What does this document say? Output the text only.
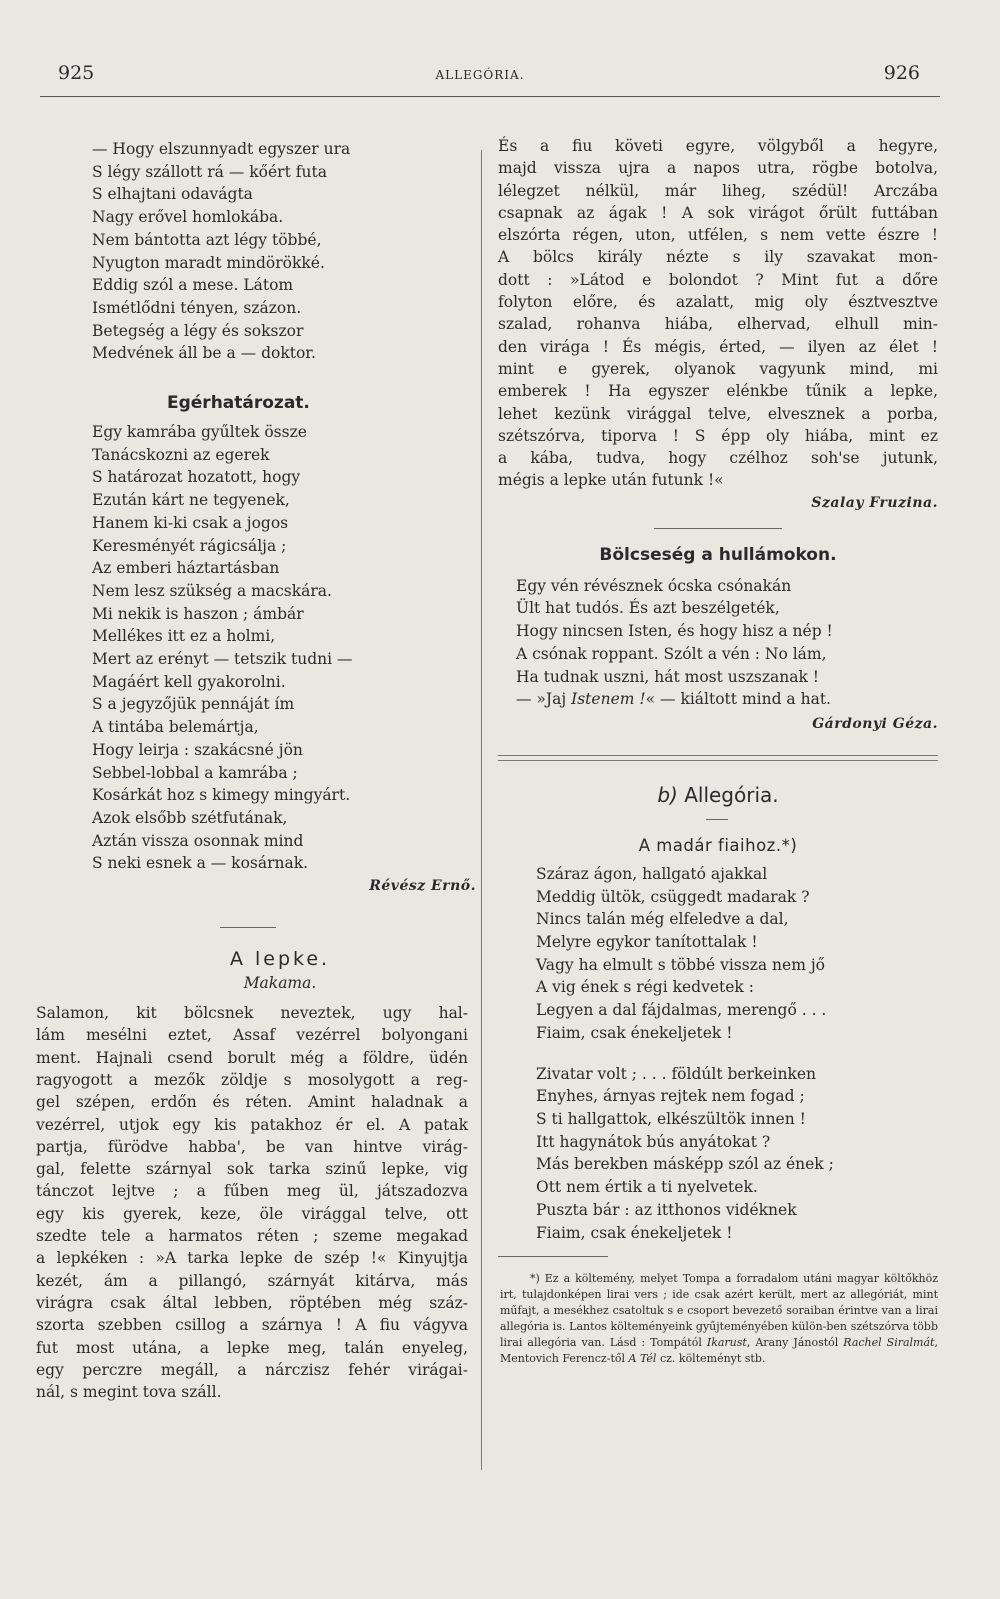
925	ALLEGÓRIA.	926
— Hogy elszunnyadt egyszer ura
S légy szállott rá — kőért futa
S elhajtani odavágta
Nagy erővel homlokába.
Nem bántotta azt légy többé,
Nyugton maradt mindörökké.
Eddig szól a mese. Látom
Ismétlődni tényen, százon.
Betegség a légy és sokszor
Medvének áll be a — doktor.
Egérhatározat.
Egy kamrába gyűltek össze
Tanácskozni az egerek
S határozat hozatott, hogy
Ezután kárt ne tegyenek,
Hanem ki-ki csak a jogos
Keresményét rágicsálja ;
Az emberi háztartásban
Nem lesz szükség a macskára.
Mi nekik is haszon ; ámbár
Mellékes itt ez a holmi,
Mert az erényt — tetszik tudni —
Magáért kell gyakorolni.
S a jegyzőjük pennáját ím
A tintába belemártja,
Hogy leirja : szakácsné jön
Sebbel-lobbal a kamrába ;
Kosárkát hoz s kimegy mingyárt.
Azok elsőbb szétfutának,
Aztán vissza osonnak mind
S neki esnek a — kosárnak.
Révész Ernő.
A lepke.
Makama.
Salamon, kit bölcsnek neveztek, ugy hal-
lám mesélni eztet, Assaf vezérrel bolyongani
ment. Hajnali csend borult még a földre, üdén
ragyogott a mezők zöldje s mosolygott a reg-
gel szépen, erdőn és réten. Amint haladnak a
vezérrel, utjok egy kis patakhoz ér el. A patak
partja, fürödve habba', be van hintve virág-
gal, felette szárnyal sok tarka szinű lepke, vig
tánczot lejtve ; a fűben meg ül, játszadozva
egy kis gyerek, keze, öle virággal telve, ott
szedte tele a harmatos réten ; szeme megakad
a lepkéken : »A tarka lepke de szép !« Kinyujtja
kezét, ám a pillangó, szárnyát kitárva, más
virágra csak által lebben, röptében még száz-
szorta szebben csillog a szárnya ! A fiu vágyva
fut most utána, a lepke meg, talán enyeleg,
egy perczre megáll, a nárczisz fehér virágai-
nál, s megint tova száll.
És a fiu követi egyre, völgyből a hegyre,
majd vissza ujra a napos utra, rögbe botolva,
lélegzet nélkül, már liheg, szédül! Arczába
csapnak az ágak ! A sok virágot őrült futtában
elszórta régen, uton, utfélen, s nem vette észre !
A bölcs király nézte s ily szavakat mon-
dott : »Látod e bolondot ? Mint fut a dőre
folyton előre, és azalatt, mig oly észtvesztve
szalad, rohanva hiába, elhervad, elhull min-
den virága ! És mégis, érted, — ilyen az élet !
mint e gyerek, olyanok vagyunk mind, mi
emberek ! Ha egyszer elénkbe tűnik a lepke,
lehet kezünk virággal telve, elvesznek a porba,
szétszórva, tiporva ! S épp oly hiába, mint ez
a kába, tudva, hogy czélhoz soh'se jutunk,
mégis a lepke után futunk !«
Szalay Fruzina.
Bölcseség a hullámokon.
Egy vén révésznek ócska csónakán
Ült hat tudós. És azt beszélgeték,
Hogy nincsen Isten, és hogy hisz a nép !
A csónak roppant. Szólt a vén : No lám,
Ha tudnak uszni, hát most uszszanak !
— »Jaj Istenem !« — kiáltott mind a hat.
Gárdonyi Géza.
b) Allegória.
A madár fiaihoz.*)
Száraz ágon, hallgató ajakkal
Meddig ültök, csüggedt madarak ?
Nincs talán még elfeledve a dal,
Melyre egykor tanítottalak !
Vagy ha elmult s többé vissza nem jő
A vig ének s régi kedvetek :
Legyen a dal fájdalmas, merengő . . .
Fiaim, csak énekeljetek !
Zivatar volt ; . . . földúlt berkeinken
Enyhes, árnyas rejtek nem fogad ;
S ti hallgattok, elkészültök innen !
Itt hagynátok bús anyátokat ?
Más berekben másképp szól az ének ;
Ott nem értik a ti nyelvetek.
Puszta bár : az itthonos vidéknek
Fiaim, csak énekeljetek !
*) Ez a költemény, melyet Tompa a forradalom utáni magyar költőkhöz irt, tulajdonképen lirai vers ; ide csak azért került, mert az allegóriát, mint műfajt, a mesékhez csatoltuk s e csoport bevezető soraiban érintve van a lirai allegória is. Lantos költeményeink gyűjteményében külön-ben szétszórva több lirai allegória van. Lásd : Tompától Ikarust, Arany Jánostól Rachel Siralmát, Mentovich Ferencz-től A Tél cz. költeményt stb.
